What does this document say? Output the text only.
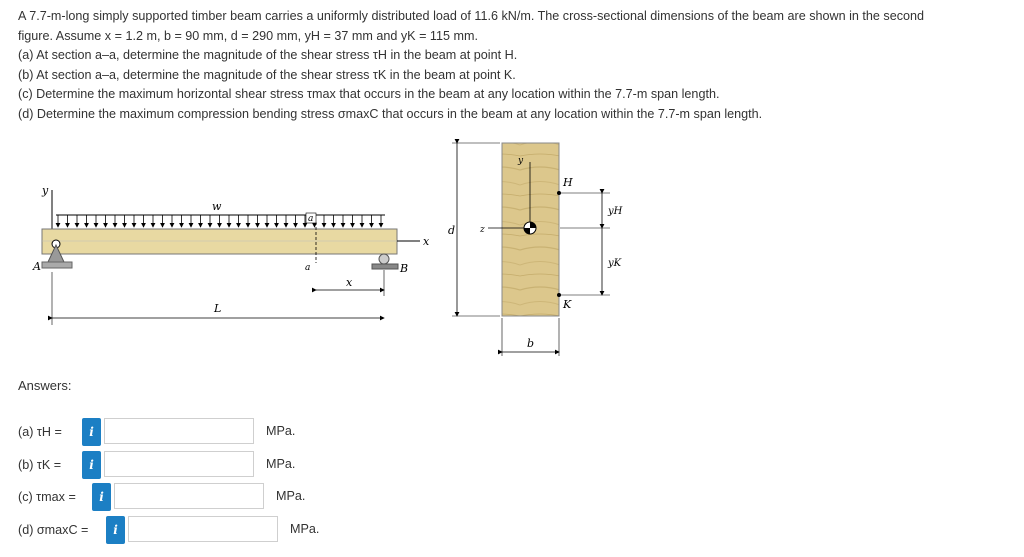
A 7.7-m-long simply supported timber beam carries a uniformly distributed load of 11.6 kN/m. The cross-sectional dimensions of the beam are shown in the second

figure. Assume x = 1.2 m, b = 90 mm, d = 290 mm, yH = 37 mm and yK = 115 mm.

(a) At section a–a, determine the magnitude of the shear stress τH in the beam at point H.

(b) At section a–a, determine the magnitude of the shear stress τK in the beam at point K.

(c) Determine the maximum horizontal shear stress τmax that occurs in the beam at any location within the 7.7-m span length.

(d) Determine the maximum compression bending stress σmaxC that occurs in the beam at any location within the 7.7-m span length.

y
w
x
a
a
A	B
x
L
d	z
y
H
K
yH
yK
b
Answers:
(a) τH = i	MPa.
(b) τK = i	MPa.
(c) τmax = i	MPa.
(d) σmaxC = i	MPa.
